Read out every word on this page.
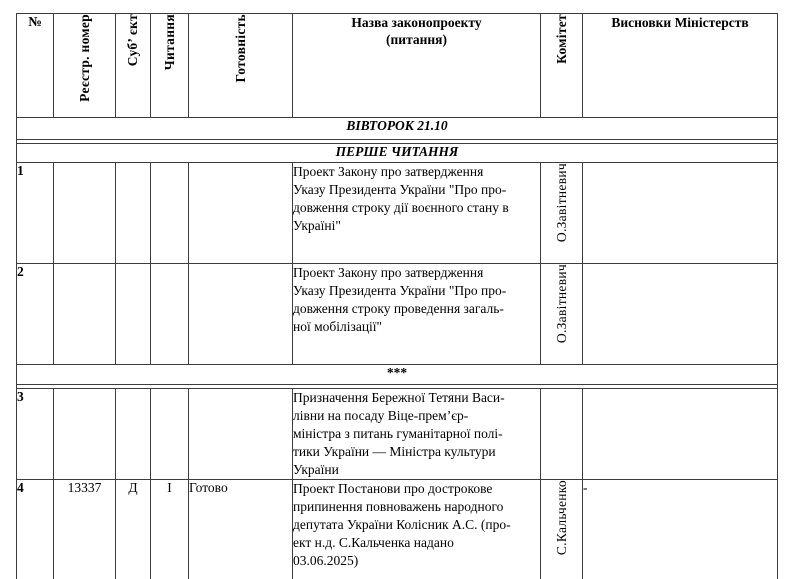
№	Реєстр. номер	Суб’ єкт	Читання	Готовність	Назва законопроекту
(питання)	Комітет	Висновки Міністерств
ВІВТОРОК 21.10							

ПЕРШЕ ЧИТАННЯ							
1					Проект Закону про затвердження
Указу Президента України "Про про-
довження строку дії воєнного стану в
Україні"	О.Завітневич	
2					Проект Закону про затвердження
Указу Президента України "Про про-
довження строку проведення загаль-
ної мобілізації"	О.Завітневич	
***							

3					Призначення Бережної Тетяни Васи-
лівни на посаду Віце-прем’єр-
міністра з питань гуманітарної полі-
тики України — Міністра культури
України		
4	13337	Д	І	Готово	Проект Постанови про дострокове
припинення повноважень народного
депутата України Колісник А.С. (про-
ект н.д. С.Кальченка надано
03.06.2025)	С.Кальченко	-
